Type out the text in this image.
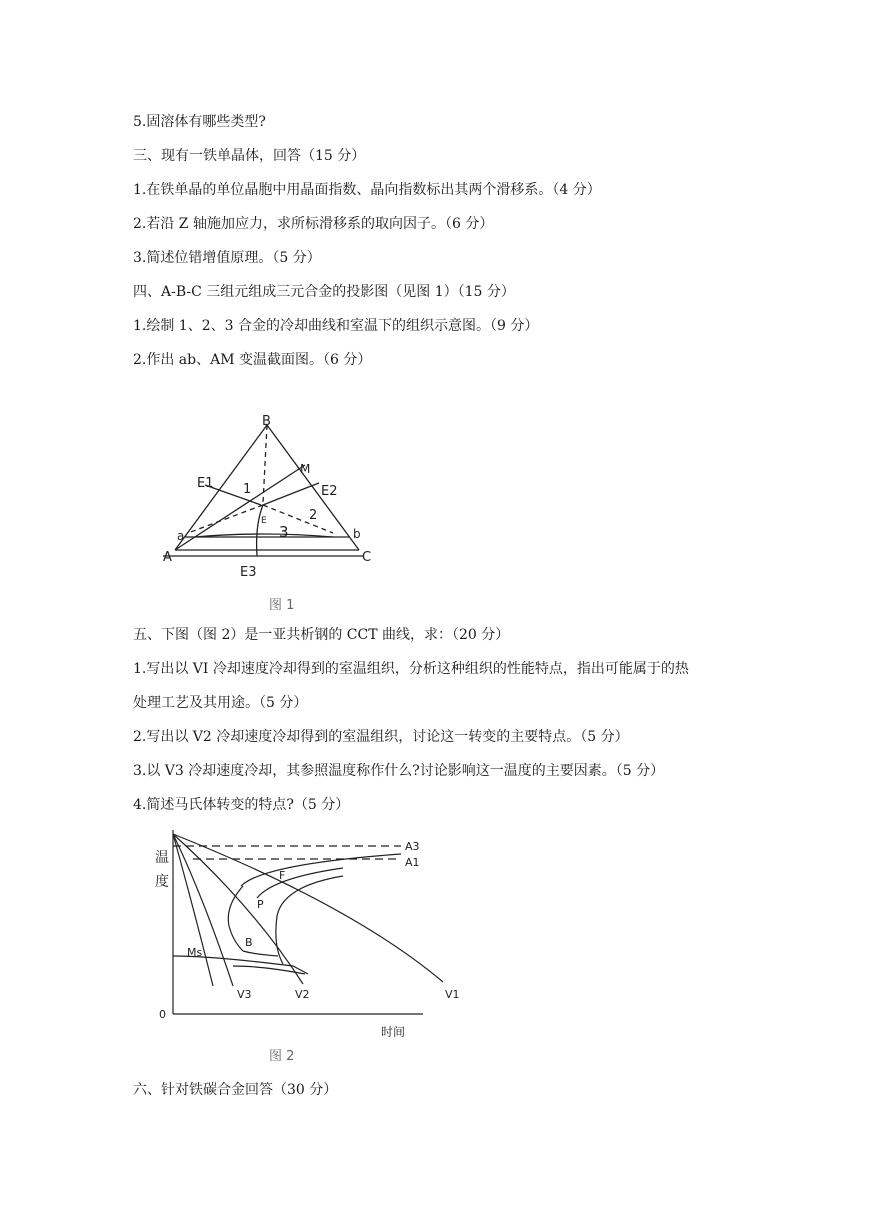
5.固溶体有哪些类型?
三、现有一铁单晶体，回答（15 分）
1.在铁单晶的单位晶胞中用晶面指数、晶向指数标出其两个滑移系。（4 分）
2.若沿 Z 轴施加应力，求所标滑移系的取向因子。（6 分）
3.简述位错增值原理。（5 分）
四、A-B-C 三组元组成三元合金的投影图（见图 1）（15 分）
1.绘制 1、2、3 合金的冷却曲线和室温下的组织示意图。（9 分）
2.作出 ab、AM 变温截面图。（6 分）
B
M
E1
E2
1
2
3
E
a	b
A	C
E3
图 1
五、下图（图 2）是一亚共析钢的 CCT 曲线，求：（20 分）
1.写出以 VI 冷却速度冷却得到的室温组织，分析这种组织的性能特点，指出可能属于的热
处理工艺及其用途。（5 分）
2.写出以 V2 冷却速度冷却得到的室温组织，讨论这一转变的主要特点。（5 分）
3.以 V3 冷却速度冷却，其参照温度称作什么?讨论影响这一温度的主要因素。（5 分）
4.简述马氏体转变的特点?（5 分）
温
度
A3
A1
F
P
B
Ms
V3	V2	V1
0
时间
图 2
六、针对铁碳合金回答（30 分）
